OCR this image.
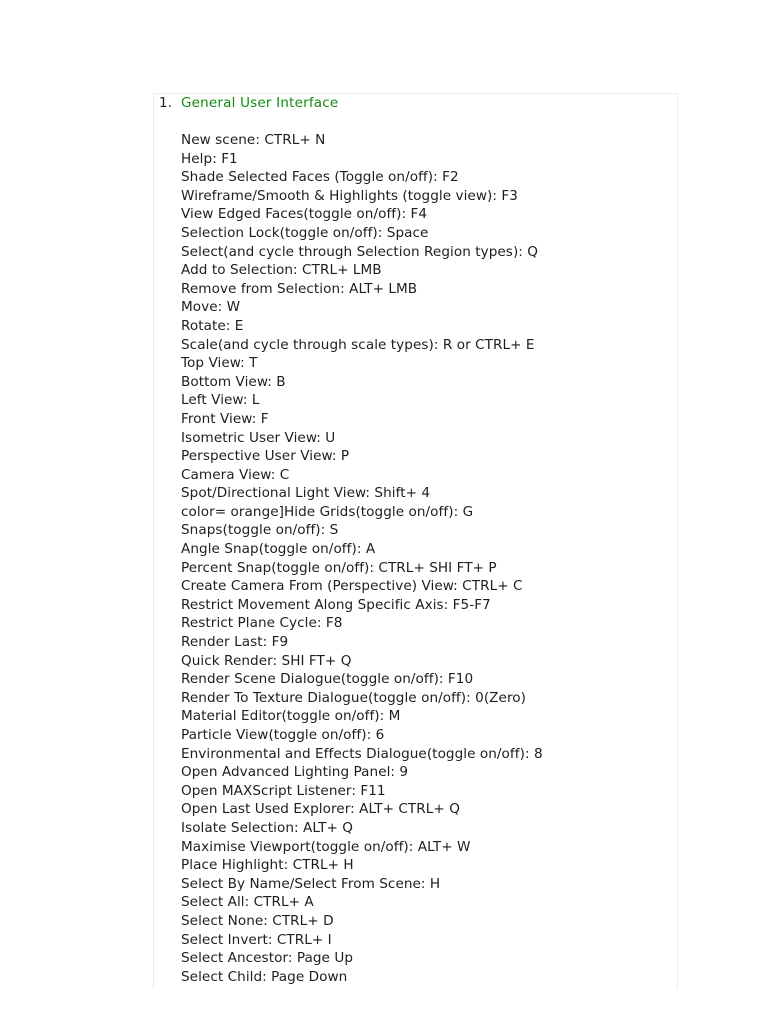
1. General User Interface
New scene: CTRL+ N
Help: F1
Shade Selected Faces (Toggle on/off): F2
Wireframe/Smooth & Highlights (toggle view): F3
View Edged Faces(toggle on/off): F4
Selection Lock(toggle on/off): Space
Select(and cycle through Selection Region types): Q
Add to Selection: CTRL+ LMB
Remove from Selection: ALT+ LMB
Move: W
Rotate: E
Scale(and cycle through scale types): R or CTRL+ E
Top View: T
Bottom View: B
Left View: L
Front View: F
Isometric User View: U
Perspective User View: P
Camera View: C
Spot/Directional Light View: Shift+ 4
color= orange]Hide Grids(toggle on/off): G
Snaps(toggle on/off): S
Angle Snap(toggle on/off): A
Percent Snap(toggle on/off): CTRL+ SHI FT+ P
Create Camera From (Perspective) View: CTRL+ C
Restrict Movement Along Specific Axis: F5-F7
Restrict Plane Cycle: F8
Render Last: F9
Quick Render: SHI FT+ Q
Render Scene Dialogue(toggle on/off): F10
Render To Texture Dialogue(toggle on/off): 0(Zero)
Material Editor(toggle on/off): M
Particle View(toggle on/off): 6
Environmental and Effects Dialogue(toggle on/off): 8
Open Advanced Lighting Panel: 9
Open MAXScript Listener: F11
Open Last Used Explorer: ALT+ CTRL+ Q
Isolate Selection: ALT+ Q
Maximise Viewport(toggle on/off): ALT+ W
Place Highlight: CTRL+ H
Select By Name/Select From Scene: H
Select All: CTRL+ A
Select None: CTRL+ D
Select Invert: CTRL+ I
Select Ancestor: Page Up
Select Child: Page Down
